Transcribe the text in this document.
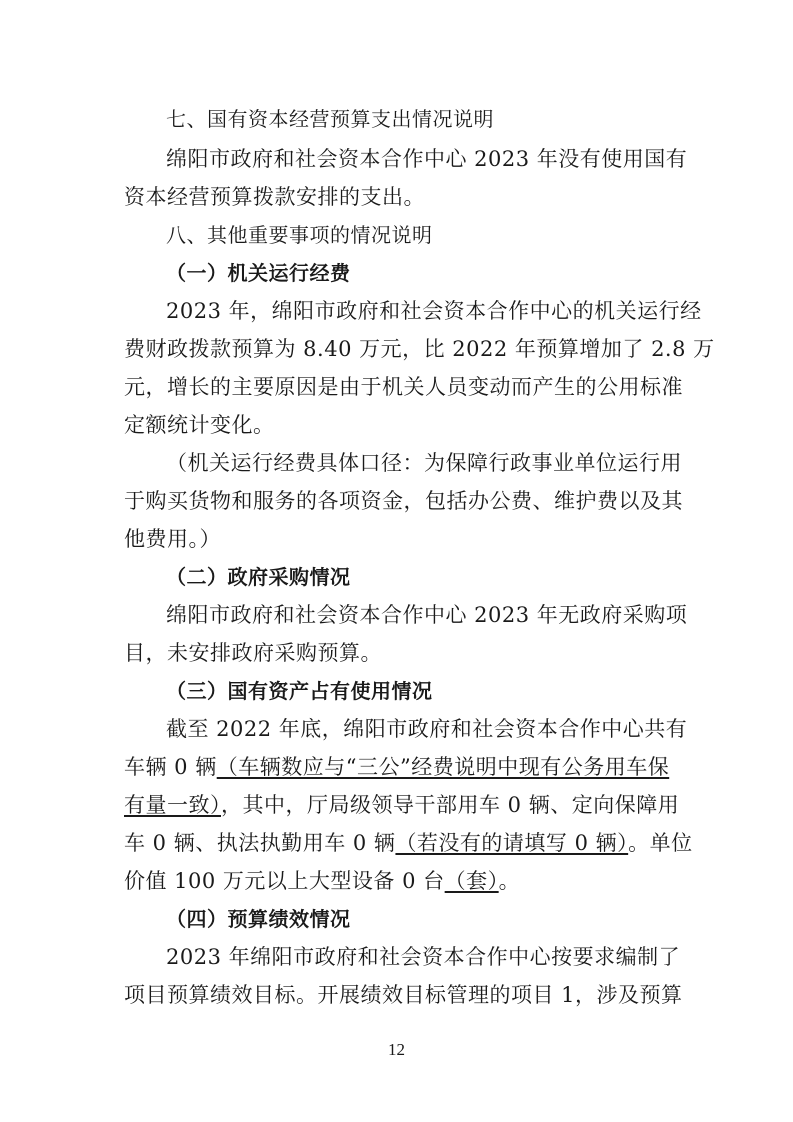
七、国有资本经营预算支出情况说明
绵阳市政府和社会资本合作中心 2023 年没有使用国有
资本经营预算拨款安排的支出。
八、其他重要事项的情况说明
（一）机关运行经费
2023 年，绵阳市政府和社会资本合作中心的机关运行经
费财政拨款预算为 8.40 万元，比 2022 年预算增加了 2.8 万
元，增长的主要原因是由于机关人员变动而产生的公用标准
定额统计变化。
（机关运行经费具体口径：为保障行政事业单位运行用
于购买货物和服务的各项资金，包括办公费、维护费以及其
他费用。）
（二）政府采购情况
绵阳市政府和社会资本合作中心 2023 年无政府采购项
目，未安排政府采购预算。
（三）国有资产占有使用情况
截至 2022 年底，绵阳市政府和社会资本合作中心共有
车辆 0 辆（车辆数应与“三公”经费说明中现有公务用车保
有量一致），其中，厅局级领导干部用车 0 辆、定向保障用
车 0 辆、执法执勤用车 0 辆（若没有的请填写 0 辆）。单位
价值 100 万元以上大型设备 0 台（套）。
（四）预算绩效情况
2023 年绵阳市政府和社会资本合作中心按要求编制了
项目预算绩效目标。开展绩效目标管理的项目 1，涉及预算
12
